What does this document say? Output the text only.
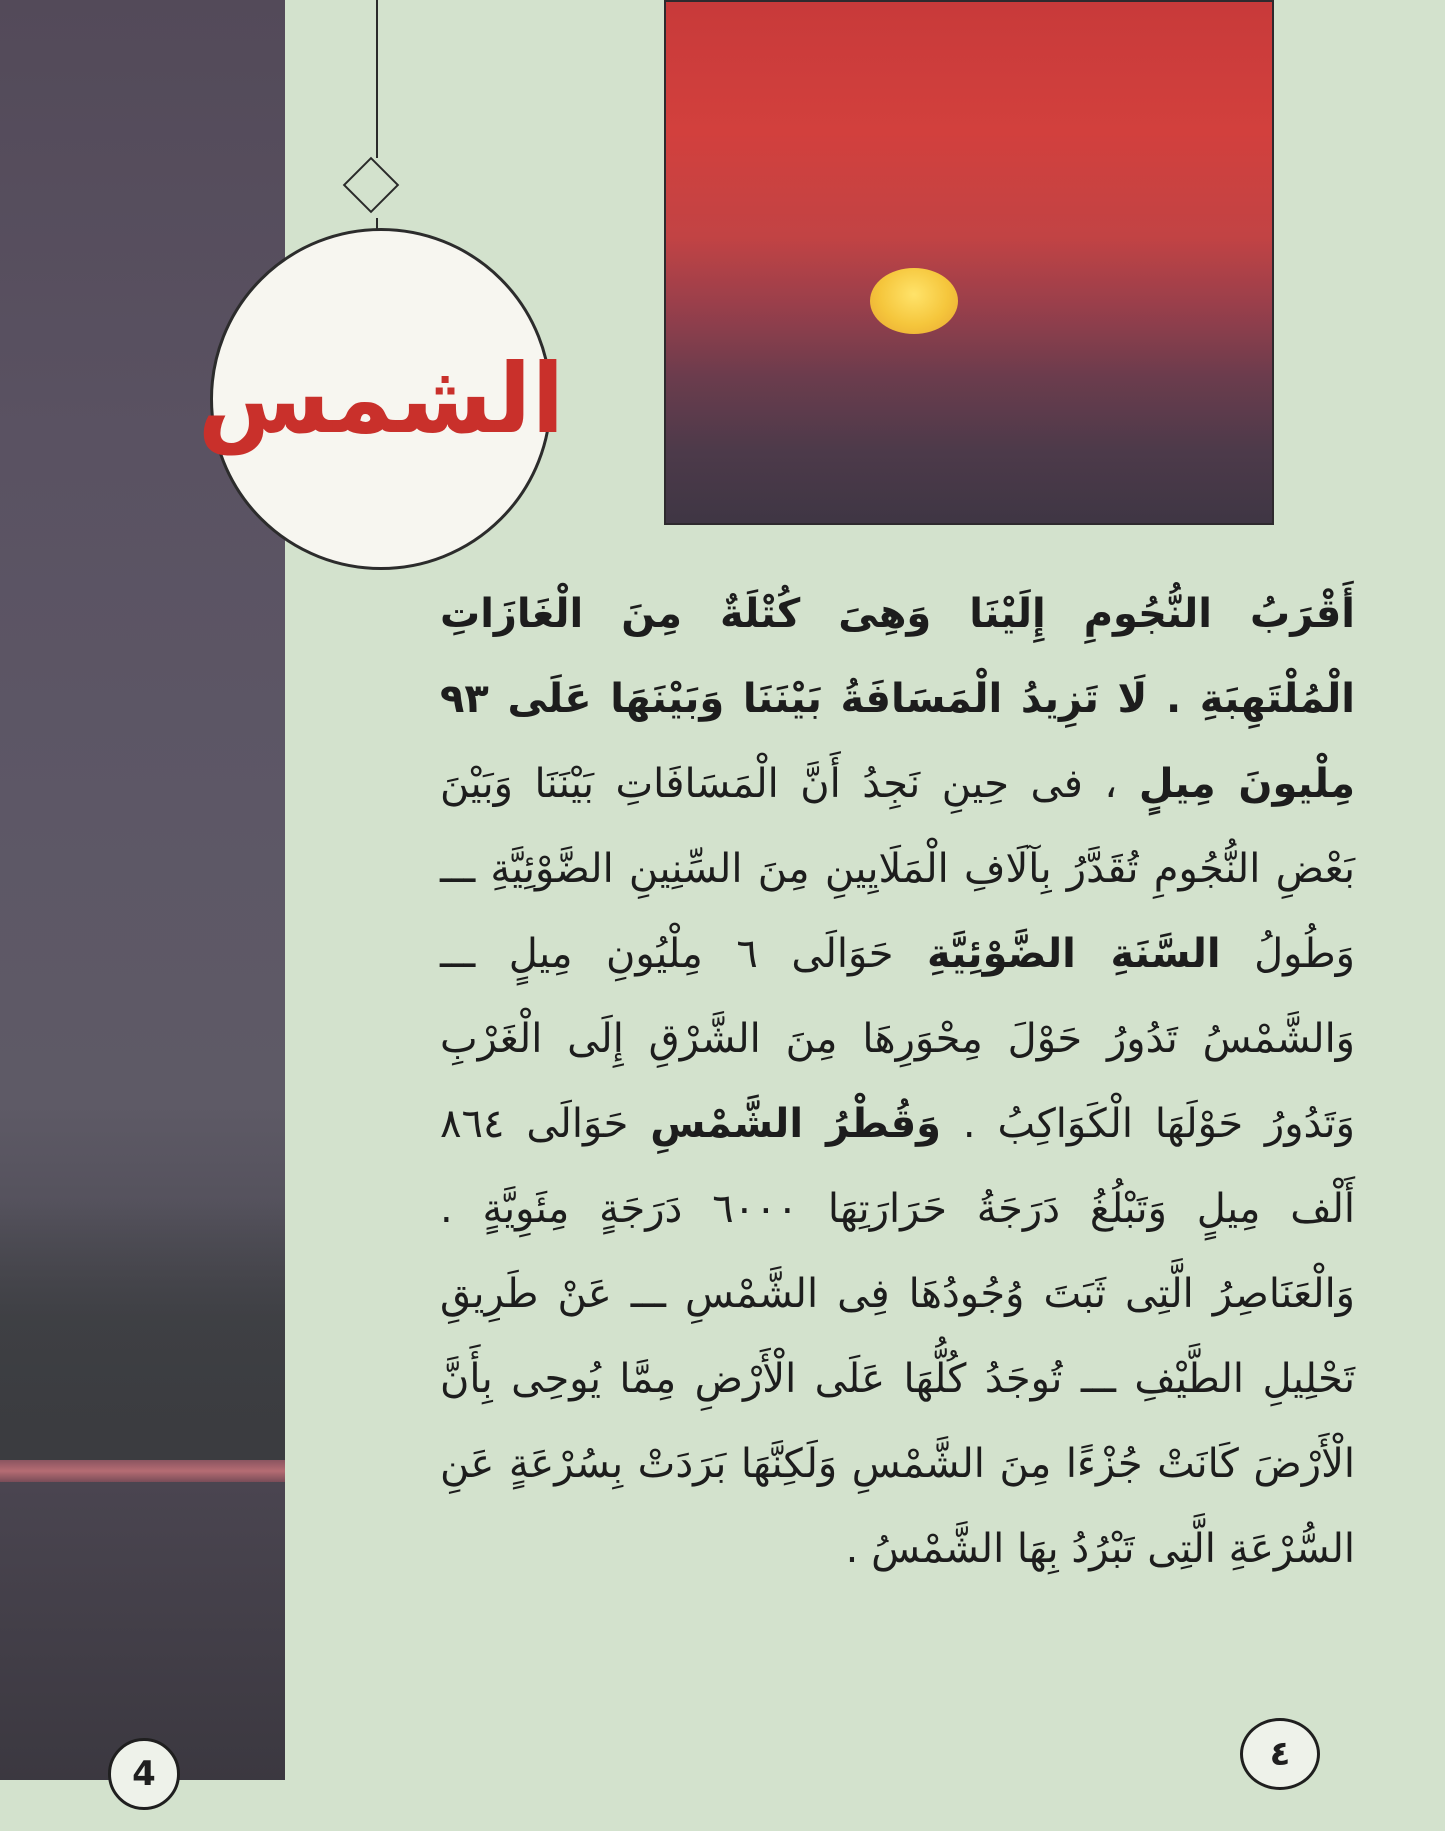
الشمس
أَقْرَبُ النُّجُومِ إِلَيْنَا وَهِىَ كُتْلَةٌ مِنَ الْغَازَاتِ الْمُلْتَهِبَةِ . لَا تَزِيدُ الْمَسَافَةُ بَيْنَنَا وَبَيْنَهَا عَلَى ٩٣ مِلْيونَ مِيلٍ ، فى حِينِ نَجِدُ أَنَّ الْمَسَافَاتِ بَيْنَنَا وَبَيْنَ بَعْضِ النُّجُومِ تُقَدَّرُ بِآلَافِ الْمَلَايِينِ مِنَ السِّنِينِ الضَّوْئِيَّةِ ـــ وَطُولُ السَّنَةِ الضَّوْئِيَّةِ حَوَالَى ٦ مِلْيُونِ مِيلٍ ـــ وَالشَّمْسُ تَدُورُ حَوْلَ مِحْوَرِهَا مِنَ الشَّرْقِ إِلَى الْغَرْبِ وَتَدُورُ حَوْلَهَا الْكَوَاكِبُ . وَقُطْرُ الشَّمْسِ حَوَالَى ٨٦٤ أَلْف مِيلٍ وَتَبْلُغُ دَرَجَةُ حَرَارَتِهَا ٦٠٠٠ دَرَجَةٍ مِئَوِيَّةٍ . وَالْعَنَاصِرُ الَّتِى ثَبَتَ وُجُودُهَا فِى الشَّمْسِ ـــ عَنْ طَرِيقِ تَحْلِيلِ الطَّيْفِ ـــ تُوجَدُ كُلُّهَا عَلَى الْأَرْضِ مِمَّا يُوحِى بِأَنَّ الْأَرْضَ كَانَتْ جُزْءًا مِنَ الشَّمْسِ وَلَكِنَّهَا بَرَدَتْ بِسُرْعَةٍ عَنِ السُّرْعَةِ الَّتِى تَبْرُدُ بِهَا الشَّمْسُ .
4	٤
